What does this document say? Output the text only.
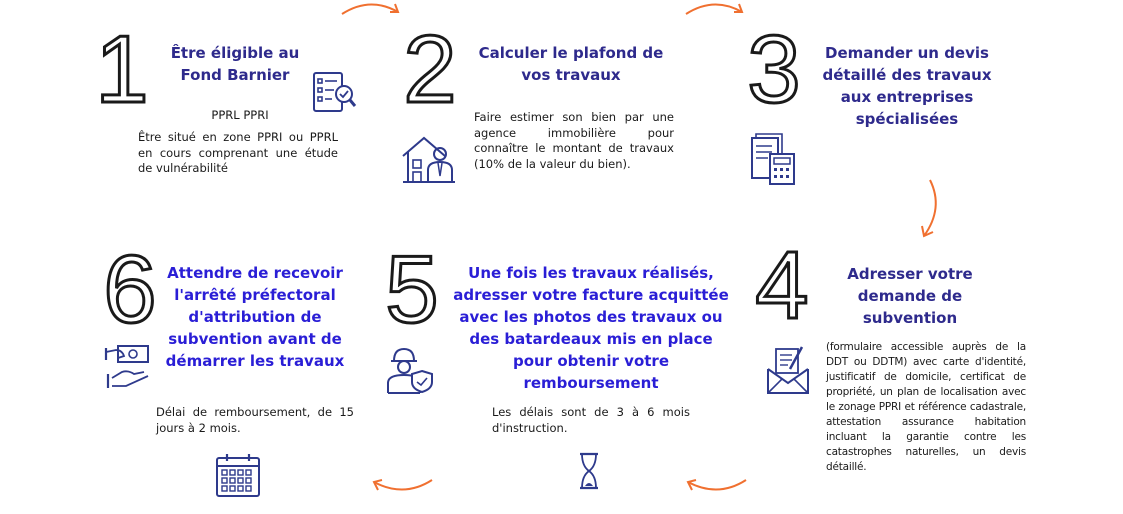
1	Être éligible au
Fond Barnier
PPRL PPRI
Être situé en zone PPRI ou PPRL en cours comprenant une étude de vulnérabilité
2	Calculer le plafond de
vos travaux
Faire estimer son bien par une agence immobilière pour connaître le montant de travaux (10% de la valeur du bien).
3	Demander un devis
détaillé des travaux
aux entreprises
spécialisées
4	Adresser votre
demande de
subvention
(formulaire accessible auprès de la DDT ou DDTM) avec carte d'identité, justificatif de domicile, certificat de propriété, un plan de localisation avec le zonage PPRI et référence cadastrale, attestation assurance habitation incluant la garantie contre les catastrophes naturelles, un devis détaillé.
5	Une fois les travaux réalisés,
adresser votre facture acquittée
avec les photos des travaux ou
des batardeaux mis en place
pour obtenir votre
remboursement
Les délais sont de 3 à 6 mois d'instruction.
6 Attendre de recevoir
l'arrêté préfectoral
d'attribution de
subvention avant de
démarrer les travaux
Délai de remboursement, de 15 jours à 2 mois.
